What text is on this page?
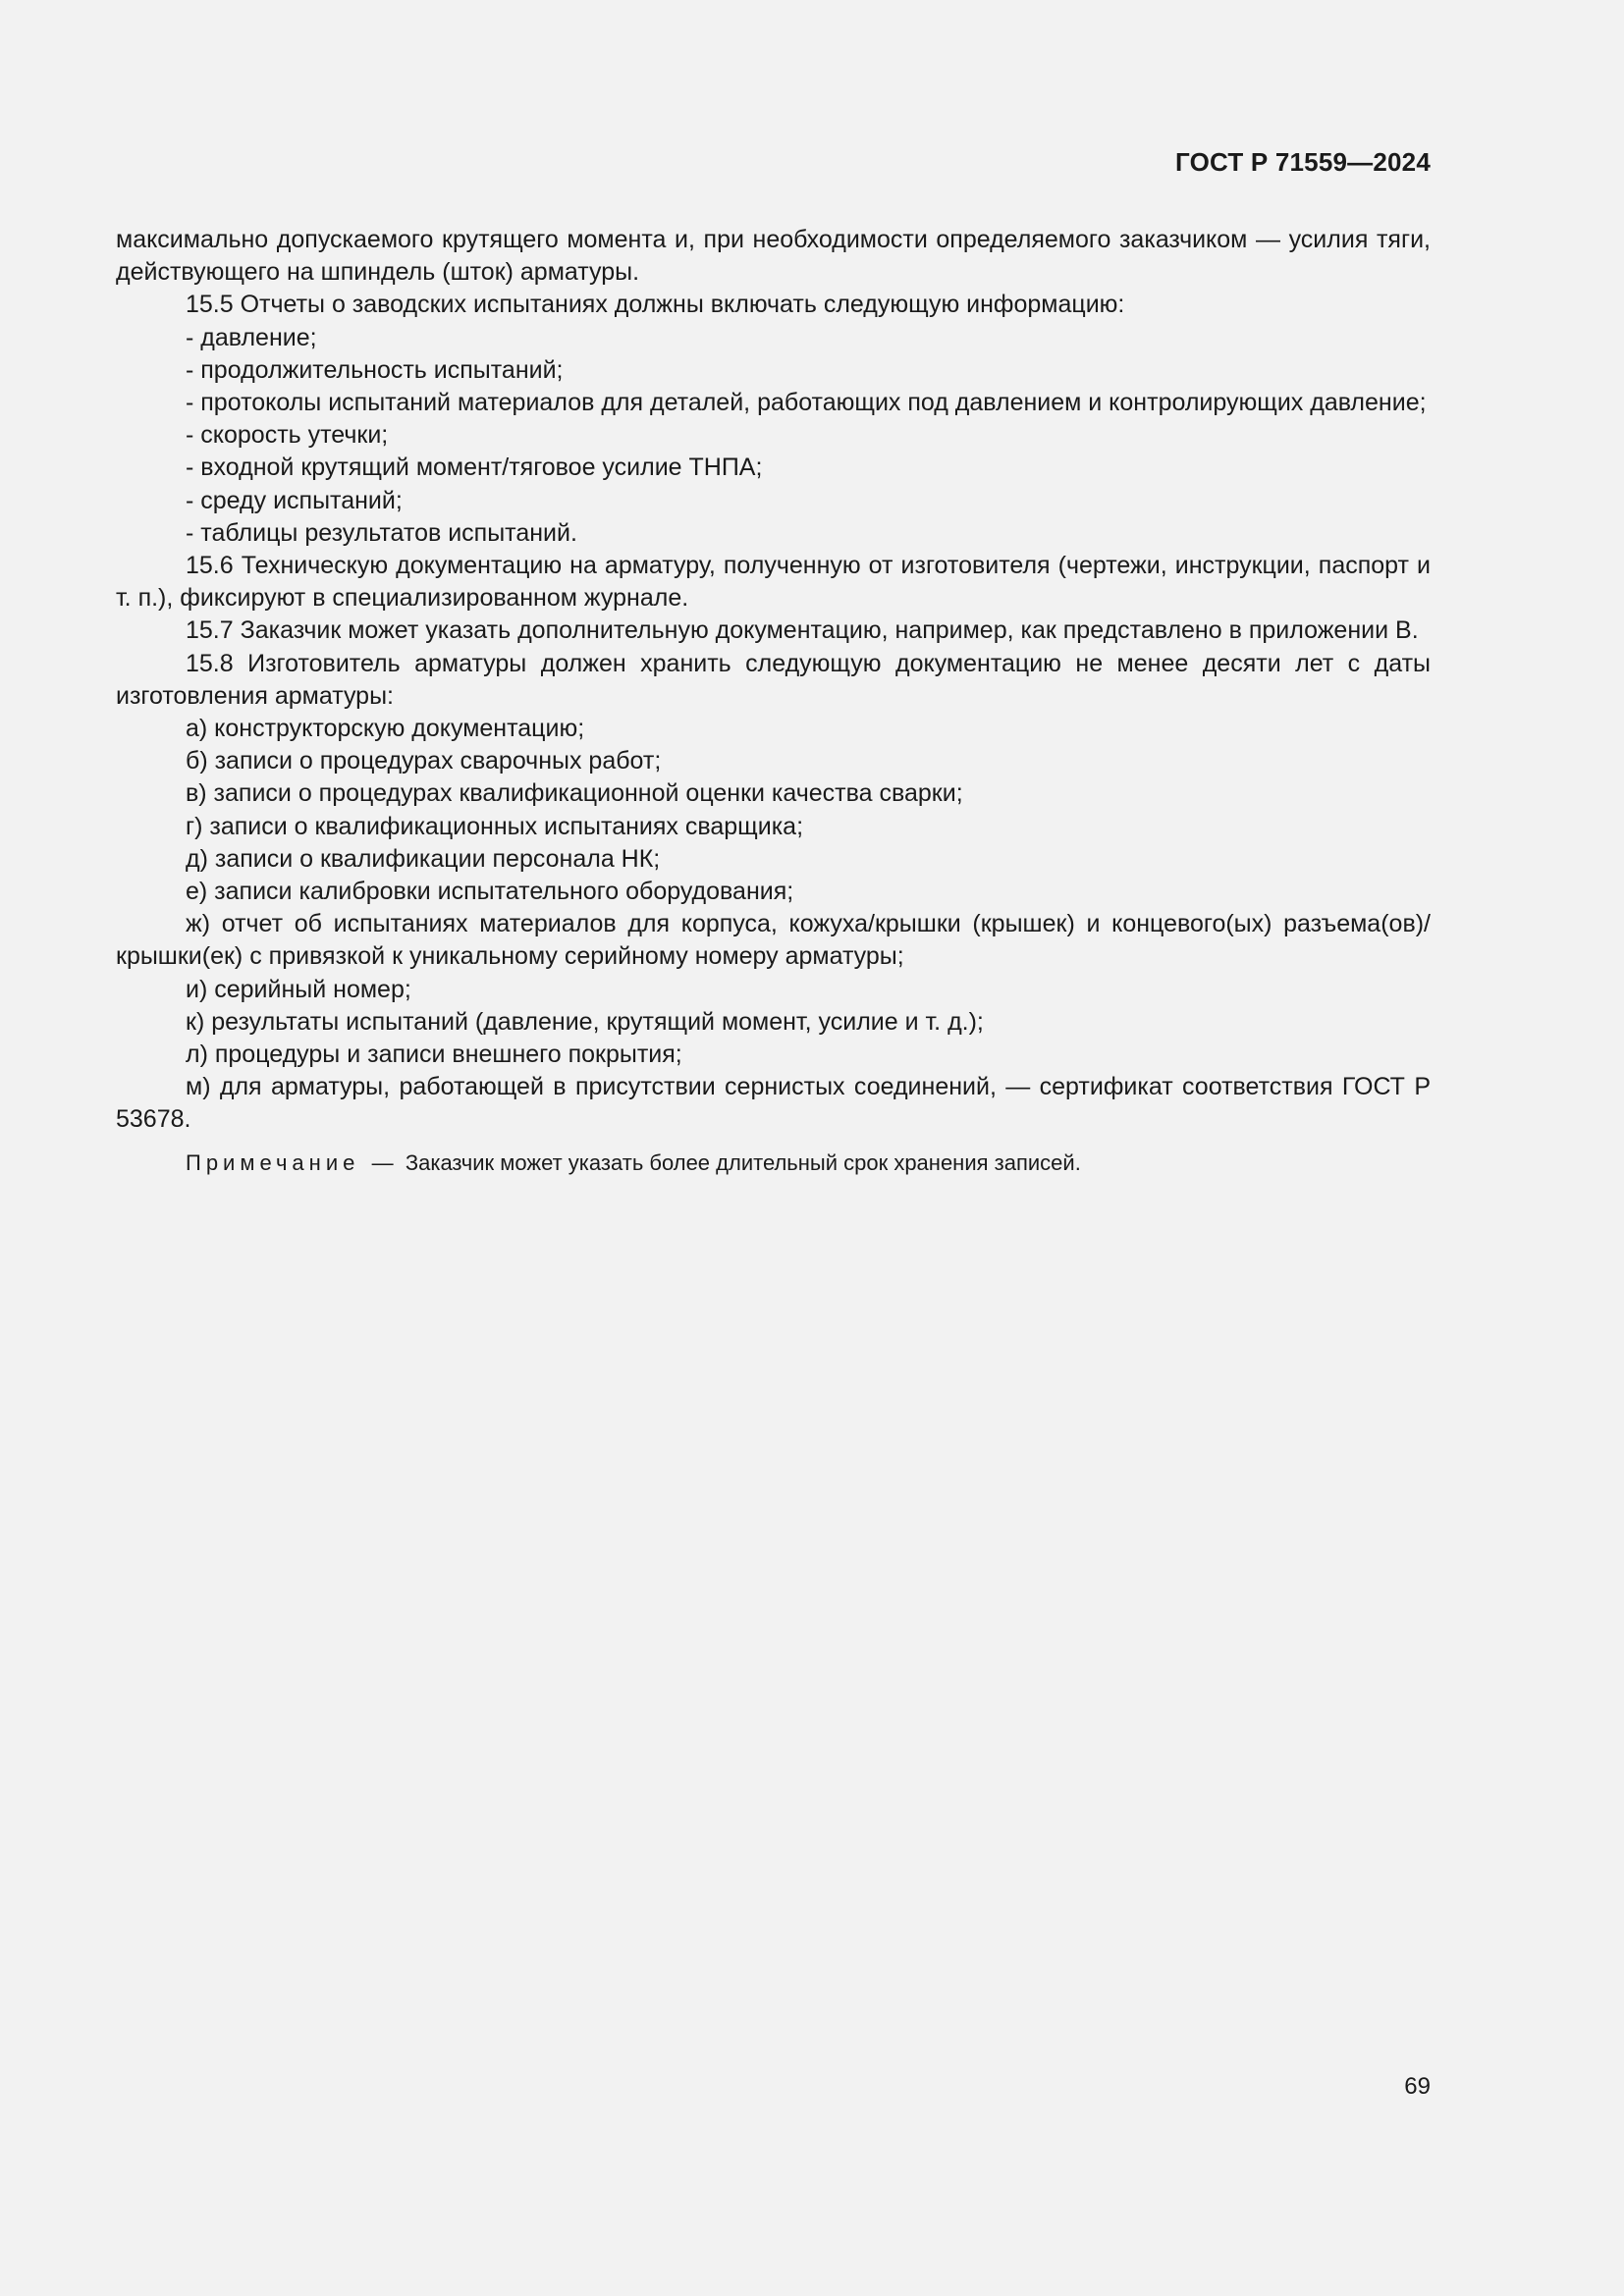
ГОСТ Р 71559—2024

максимально допускаемого крутящего момента и, при необходимости определяемого заказчиком — усилия тяги, действующего на шпиндель (шток) арматуры.

15.5 Отчеты о заводских испытаниях должны включать следующую информацию:

- давление;

- продолжительность испытаний;

- протоколы испытаний материалов для деталей, работающих под давлением и контролирующих давление;

- скорость утечки;

- входной крутящий момент/тяговое усилие ТНПА;

- среду испытаний;

- таблицы результатов испытаний.

15.6 Техническую документацию на арматуру, полученную от изготовителя (чертежи, инструкции, паспорт и т. п.), фиксируют в специализированном журнале.

15.7 Заказчик может указать дополнительную документацию, например, как представлено в приложении В.

15.8 Изготовитель арматуры должен хранить следующую документацию не менее десяти лет с даты изготовления арматуры:

а) конструкторскую документацию;

б) записи о процедурах сварочных работ;

в) записи о процедурах квалификационной оценки качества сварки;

г) записи о квалификационных испытаниях сварщика;

д) записи о квалификации персонала НК;

е) записи калибровки испытательного оборудования;

ж) отчет об испытаниях материалов для корпуса, кожуха/крышки (крышек) и концевого(ых) разъема(ов)/крышки(ек) с привязкой к уникальному серийному номеру арматуры;

и) серийный номер;

к) результаты испытаний (давление, крутящий момент, усилие и т. д.);

л) процедуры и записи внешнего покрытия;

м) для арматуры, работающей в присутствии сернистых соединений, — сертификат соответствия ГОСТ Р 53678.

Примечание — Заказчик может указать более длительный срок хранения записей.

69
